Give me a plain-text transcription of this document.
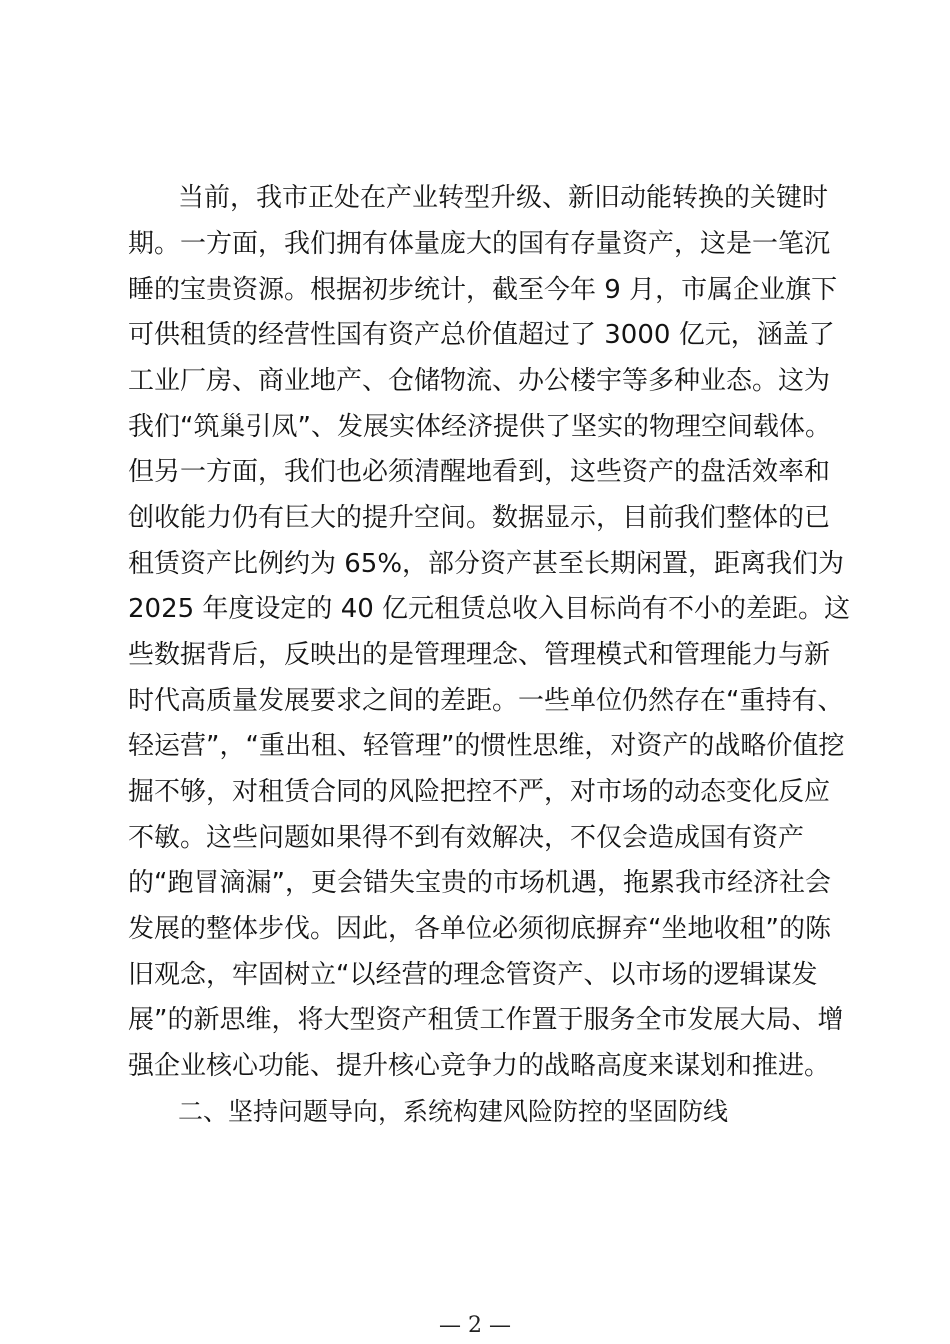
当前，我市正处在产业转型升级、新旧动能转换的关键时
期。一方面，我们拥有体量庞大的国有存量资产，这是一笔沉
睡的宝贵资源。根据初步统计，截至今年 9 月，市属企业旗下
可供租赁的经营性国有资产总价值超过了 3000 亿元，涵盖了
工业厂房、商业地产、仓储物流、办公楼宇等多种业态。这为
我们“筑巢引凤”、发展实体经济提供了坚实的物理空间载体。
但另一方面，我们也必须清醒地看到，这些资产的盘活效率和
创收能力仍有巨大的提升空间。数据显示，目前我们整体的已
租赁资产比例约为 65%，部分资产甚至长期闲置，距离我们为
2025 年度设定的 40 亿元租赁总收入目标尚有不小的差距。这
些数据背后，反映出的是管理理念、管理模式和管理能力与新
时代高质量发展要求之间的差距。一些单位仍然存在“重持有、
轻运营”，“重出租、轻管理”的惯性思维，对资产的战略价值挖
掘不够，对租赁合同的风险把控不严，对市场的动态变化反应
不敏。这些问题如果得不到有效解决，不仅会造成国有资产
的“跑冒滴漏”，更会错失宝贵的市场机遇，拖累我市经济社会
发展的整体步伐。因此，各单位必须彻底摒弃“坐地收租”的陈
旧观念，牢固树立“以经营的理念管资产、以市场的逻辑谋发
展”的新思维，将大型资产租赁工作置于服务全市发展大局、增
强企业核心功能、提升核心竞争力的战略高度来谋划和推进。
二、坚持问题导向，系统构建风险防控的坚固防线
— 2 —
